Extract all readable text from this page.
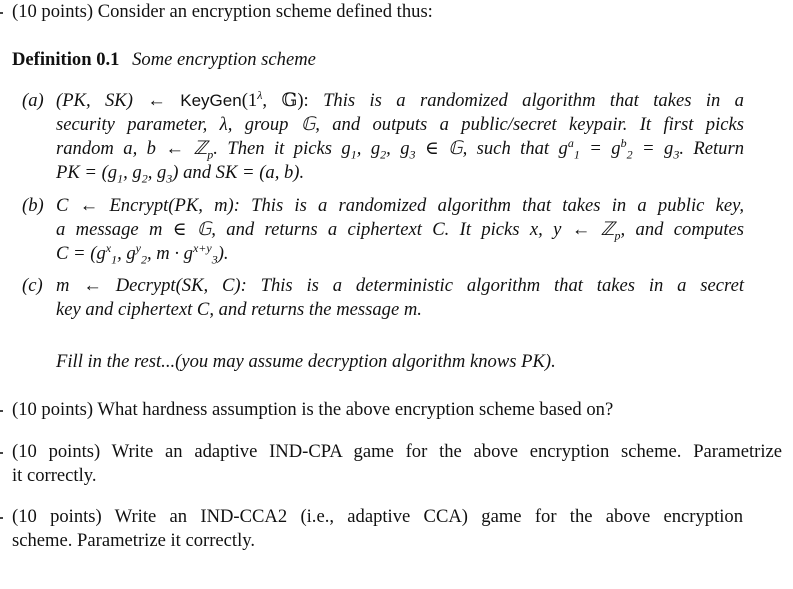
(10 points) Consider an encryption scheme defined thus:
Definition 0.1 Some encryption scheme
(a) (PK, SK) ← $KeyGen(1^\lambda$, 𝔾): This is a randomized algorithm that takes in a
security parameter, λ, group 𝔾, and outputs a public/secret keypair. It first picks
random a, b ← ℤ$_p$. Then it picks $g_1$, $g_2$, $g_3$ ∈ 𝔾, such that $g^a_1 = g^b_2 = g_3$. Return
PK = ($g_1$, $g_2$, $g_3$) and SK = (a, b).
(b) C ← Encrypt(PK, m): This is a randomized algorithm that takes in a public key,
a message m ∈ 𝔾, and returns a ciphertext C. It picks x, y ← ℤ$_p$, and computes
$C = (g^x_1$, $g^y_2$, $m \cdot g^{x+y}_3$).
(c) m ← Decrypt(SK, C): This is a deterministic algorithm that takes in a secret
key and ciphertext C, and returns the message m.
Fill in the rest...(you may assume decryption algorithm knows PK).
(10 points) What hardness assumption is the above encryption scheme based on?
(10 points) Write an adaptive IND-CPA game for the above encryption scheme. Parametrize
it correctly.
(10 points) Write an IND-CCA2 (i.e., adaptive CCA) game for the above encryption
scheme. Parametrize it correctly.
